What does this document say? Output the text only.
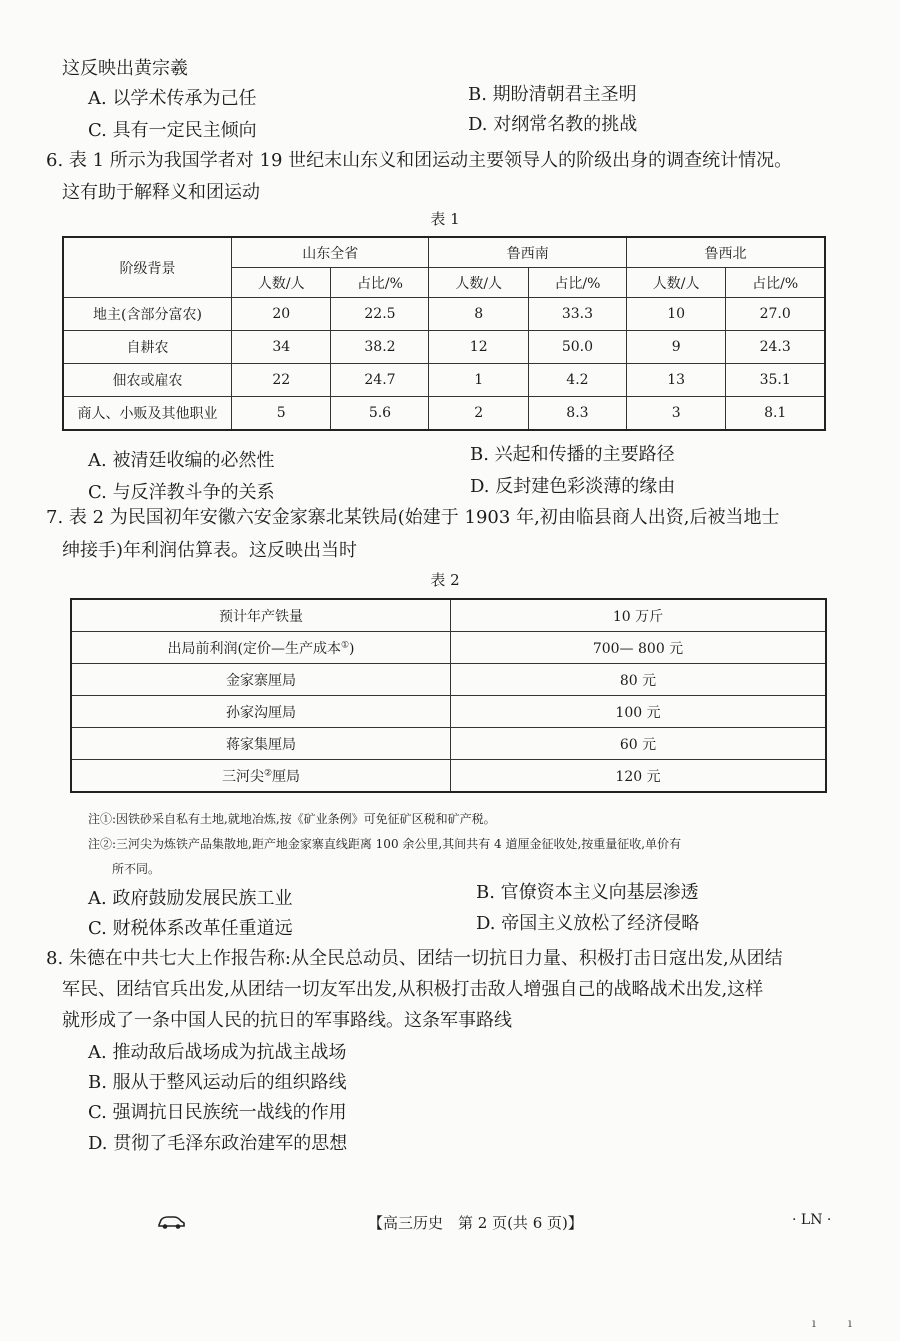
这反映出黄宗羲
A. 以学术传承为己任	B. 期盼清朝君主圣明
C. 具有一定民主倾向	D. 对纲常名教的挑战
6. 表 1 所示为我国学者对 19 世纪末山东义和团运动主要领导人的阶级出身的调查统计情况。
这有助于解释义和团运动
表 1
阶级背景	山东全省		鲁西南		鲁西北	
	人数/人	占比/%	人数/人	占比/%	人数/人	占比/%
地主(含部分富农)	20	22.5	8	33.3	10	27.0
自耕农	34	38.2	12	50.0	9	24.3
佃农或雇农	22	24.7	1	4.2	13	35.1
商人、小贩及其他职业	5	5.6	2	8.3	3	8.1
A. 被清廷收编的必然性	B. 兴起和传播的主要路径
C. 与反洋教斗争的关系	D. 反封建色彩淡薄的缘由
7. 表 2 为民国初年安徽六安金家寨北某铁局(始建于 1903 年,初由临县商人出资,后被当地士
绅接手)年利润估算表。这反映出当时
表 2
预计年产铁量	10 万斤
出局前利润(定价—生产成本①)	700— 800 元
金家寨厘局	80 元
孙家沟厘局	100 元
蒋家集厘局	60 元
三河尖②厘局	120 元
注①:因铁砂采自私有土地,就地冶炼,按《矿业条例》可免征矿区税和矿产税。
注②:三河尖为炼铁产品集散地,距产地金家寨直线距离 100 余公里,其间共有 4 道厘金征收处,按重量征收,单价有
所不同。
A. 政府鼓励发展民族工业	B. 官僚资本主义向基层渗透
C. 财税体系改革任重道远	D. 帝国主义放松了经济侵略
8. 朱德在中共七大上作报告称:从全民总动员、团结一切抗日力量、积极打击日寇出发,从团结
军民、团结官兵出发,从团结一切友军出发,从积极打击敌人增强自己的战略战术出发,这样
就形成了一条中国人民的抗日的军事路线。这条军事路线
A. 推动敌后战场成为抗战主战场
B. 服从于整风运动后的组织路线
C. 强调抗日民族统一战线的作用
D. 贯彻了毛泽东政治建军的思想
【高三历史　第 2 页(共 6 页)】	· LN ·
ı	ı
